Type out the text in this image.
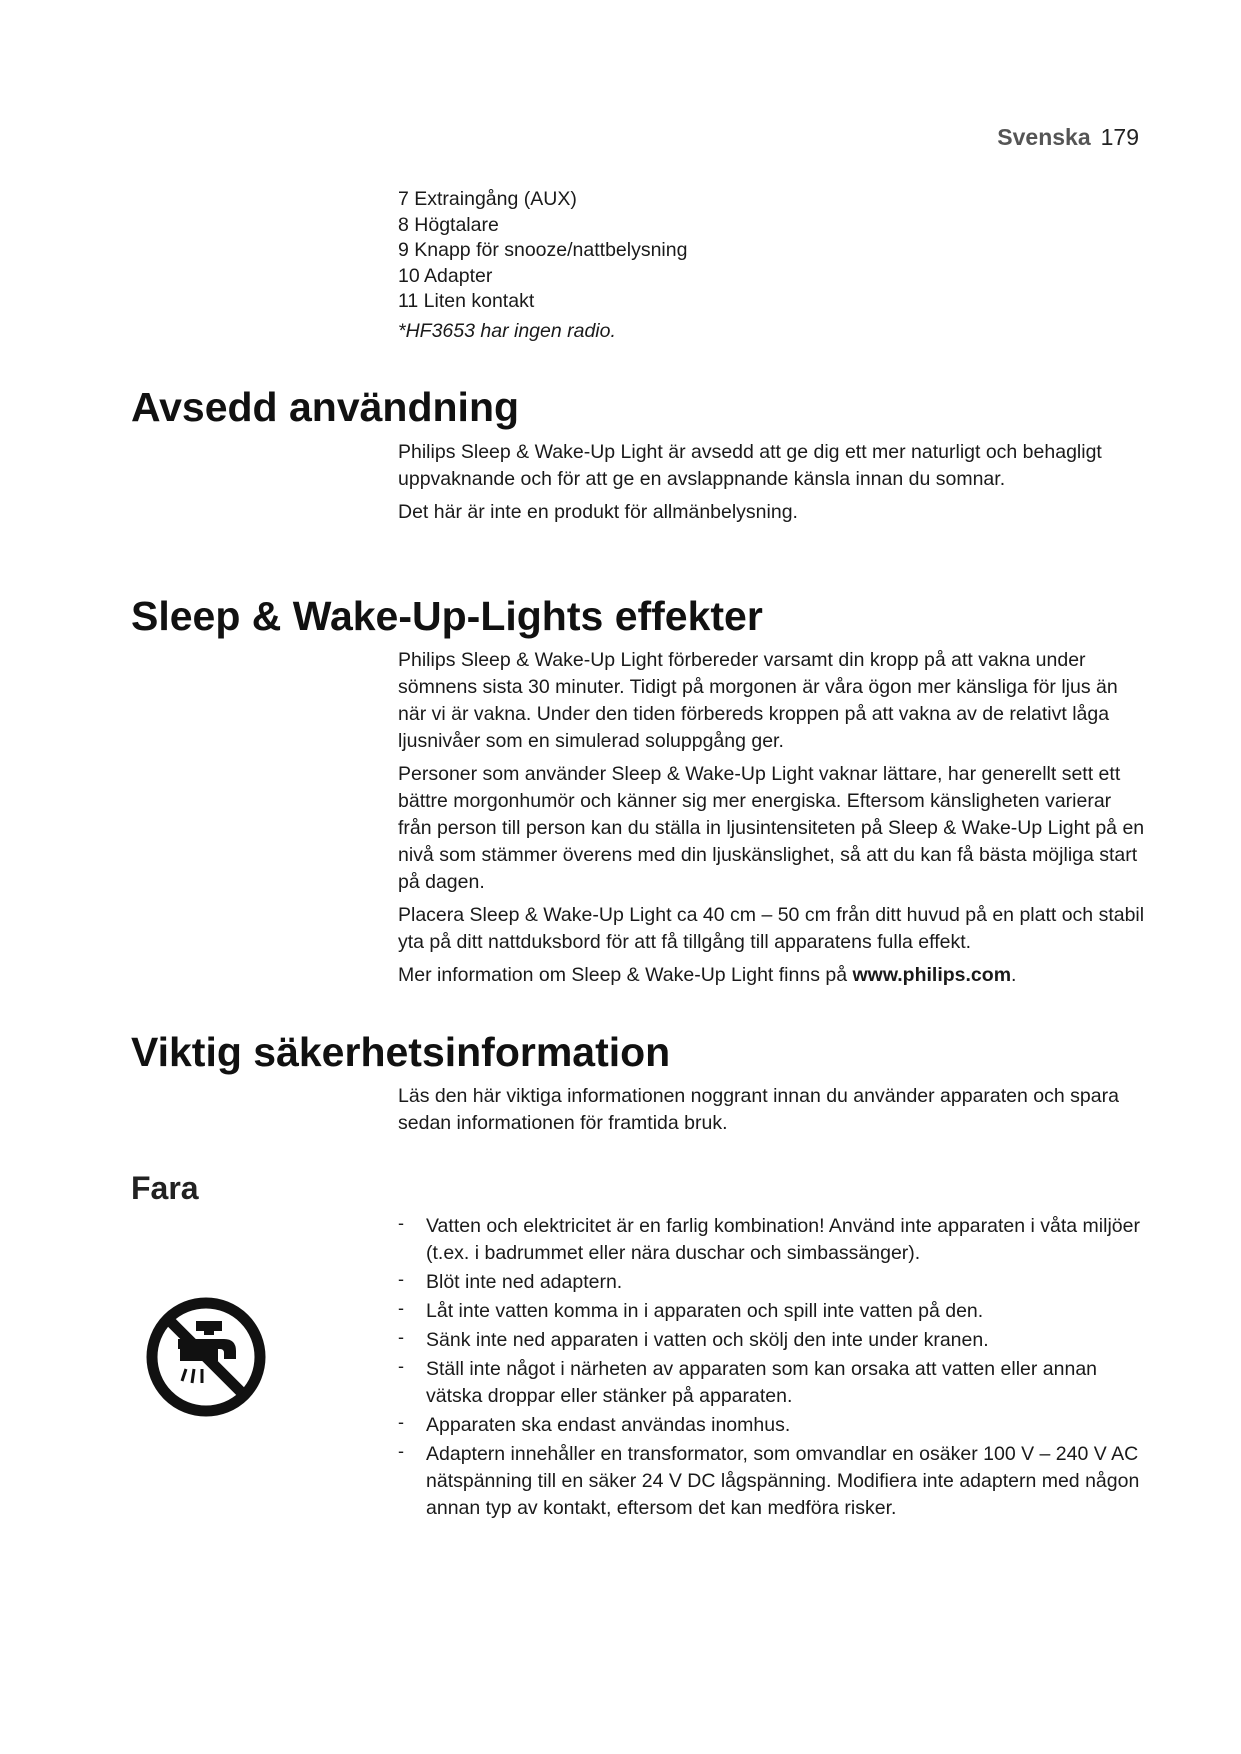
Svenska 179
7 Extraingång (AUX)
8 Högtalare
9 Knapp för snooze/nattbelysning
10 Adapter
11 Liten kontakt
*HF3653 har ingen radio.
Avsedd användning

Philips Sleep & Wake-Up Light är avsedd att ge dig ett mer naturligt och behagligt uppvaknande och för att ge en avslappnande känsla innan du somnar.

Det här är inte en produkt för allmänbelysning.

Sleep & Wake-Up-Lights effekter

Philips Sleep & Wake-Up Light förbereder varsamt din kropp på att vakna under sömnens sista 30 minuter. Tidigt på morgonen är våra ögon mer känsliga för ljus än när vi är vakna. Under den tiden förbereds kroppen på att vakna av de relativt låga ljusnivåer som en simulerad soluppgång ger.

Personer som använder Sleep & Wake-Up Light vaknar lättare, har generellt sett ett bättre morgonhumör och känner sig mer energiska. Eftersom känsligheten varierar från person till person kan du ställa in ljusintensiteten på Sleep & Wake-Up Light på en nivå som stämmer överens med din ljuskänslighet, så att du kan få bästa möjliga start på dagen.

Placera Sleep & Wake-Up Light ca 40 cm – 50 cm från ditt huvud på en platt och stabil yta på ditt nattduksbord för att få tillgång till apparatens fulla effekt.

Mer information om Sleep & Wake-Up Light finns på www.philips.com.

Viktig säkerhetsinformation

Läs den här viktiga informationen noggrant innan du använder apparaten och spara sedan informationen för framtida bruk.

Fara
- Vatten och elektricitet är en farlig kombination! Använd inte apparaten i våta miljöer (t.ex. i badrummet eller nära duschar och simbassänger).
- Blöt inte ned adaptern.
- Låt inte vatten komma in i apparaten och spill inte vatten på den.
- Sänk inte ned apparaten i vatten och skölj den inte under kranen.
- Ställ inte något i närheten av apparaten som kan orsaka att vatten eller annan vätska droppar eller stänker på apparaten.
- Apparaten ska endast användas inomhus.
- Adaptern innehåller en transformator, som omvandlar en osäker 100 V – 240 V AC nätspänning till en säker 24 V DC lågspänning. Modifiera inte adaptern med någon annan typ av kontakt, eftersom det kan medföra risker.
